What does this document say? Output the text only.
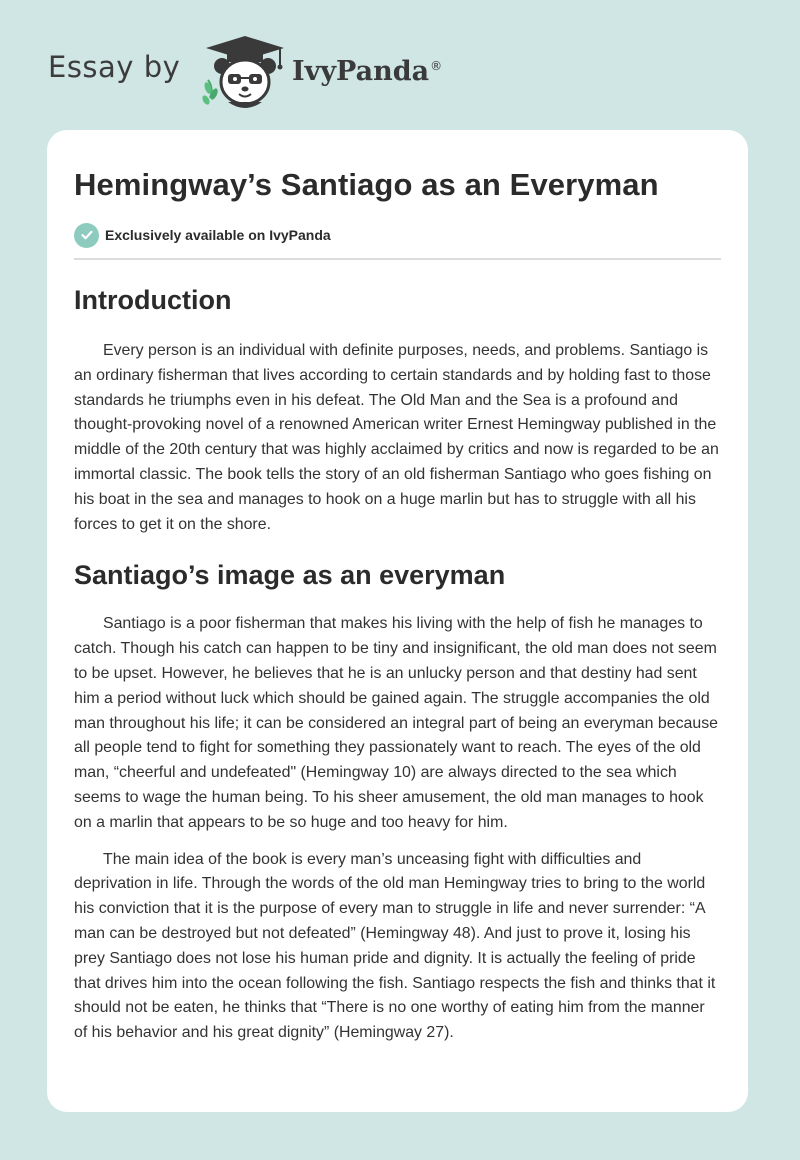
Essay by	IvyPanda®
Hemingway’s Santiago as an Everyman
Exclusively available on IvyPanda
Introduction

Every person is an individual with definite purposes, needs, and problems. Santiago is an ordinary fisherman that lives according to certain standards and by holding fast to those standards he triumphs even in his defeat. The Old Man and the Sea is a profound and thought-provoking novel of a renowned American writer Ernest Hemingway published in the middle of the 20th century that was highly acclaimed by critics and now is regarded to be an immortal classic. The book tells the story of an old fisherman Santiago who goes fishing on his boat in the sea and manages to hook on a huge marlin but has to struggle with all his forces to get it on the shore.

Santiago’s image as an everyman

Santiago is a poor fisherman that makes his living with the help of fish he manages to catch. Though his catch can happen to be tiny and insignificant, the old man does not seem to be upset. However, he believes that he is an unlucky person and that destiny had sent him a period without luck which should be gained again. The struggle accompanies the old man throughout his life; it can be considered an integral part of being an everyman because all people tend to fight for something they passionately want to reach. The eyes of the old man, “cheerful and undefeated" (Hemingway 10) are always directed to the sea which seems to wage the human being. To his sheer amusement, the old man manages to hook on a marlin that appears to be so huge and too heavy for him.

The main idea of the book is every man’s unceasing fight with difficulties and deprivation in life. Through the words of the old man Hemingway tries to bring to the world his conviction that it is the purpose of every man to struggle in life and never surrender: “A man can be destroyed but not defeated” (Hemingway 48). And just to prove it, losing his prey Santiago does not lose his human pride and dignity. It is actually the feeling of pride that drives him into the ocean following the fish. Santiago respects the fish and thinks that it should not be eaten, he thinks that “There is no one worthy of eating him from the manner of his behavior and his great dignity” (Hemingway 27).
